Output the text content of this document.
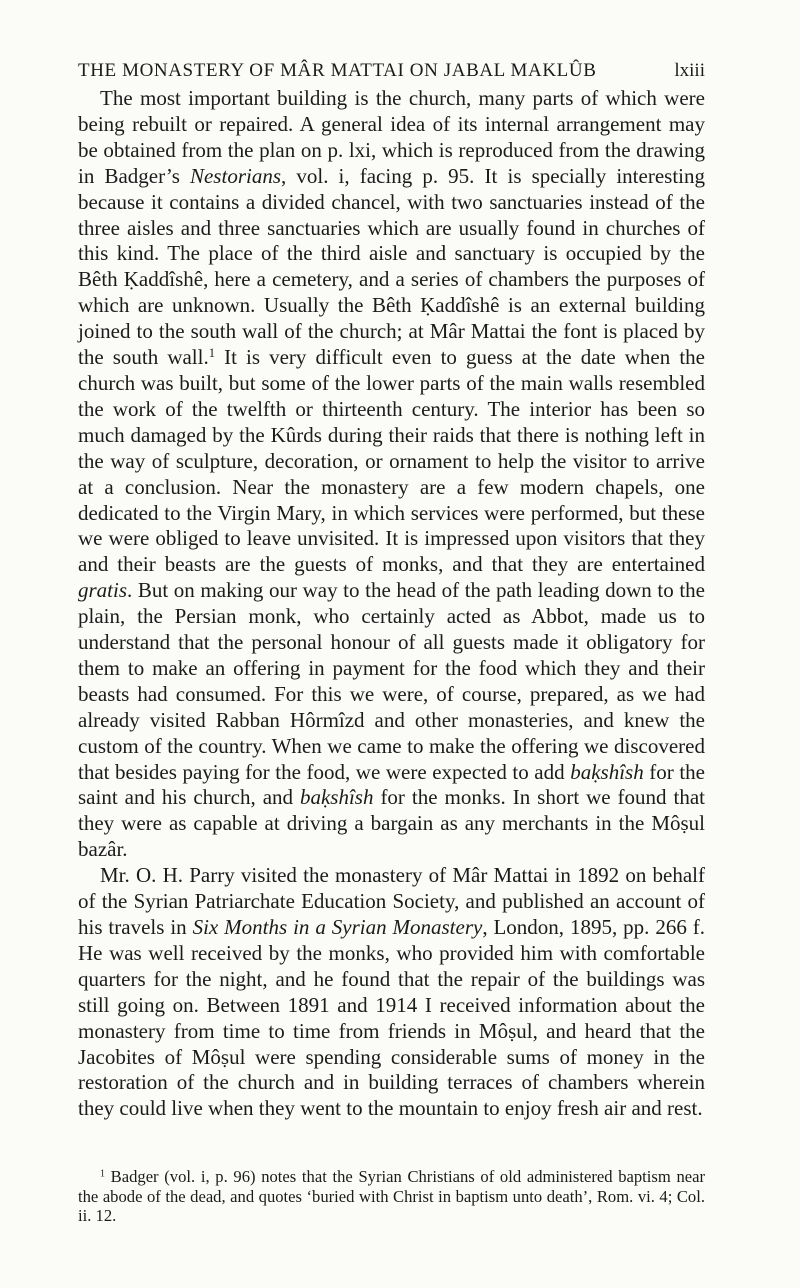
THE MONASTERY OF MÂR MATTAI ON JABAL MAKLÛB	lxiii

The most important building is the church, many parts of which were being rebuilt or repaired. A general idea of its internal arrangement may be obtained from the plan on p. lxi, which is reproduced from the drawing in Badger’s Nestorians, vol. i, facing p. 95. It is specially interesting because it contains a divided chancel, with two sanctuaries instead of the three aisles and three sanctuaries which are usually found in churches of this kind. The place of the third aisle and sanctuary is occupied by the Bêth Ḳaddîshê, here a cemetery, and a series of chambers the purposes of which are unknown. Usually the Bêth Ḳaddîshê is an external building joined to the south wall of the church; at Mâr Mattai the font is placed by the south wall.$^1$ It is very difficult even to guess at the date when the church was built, but some of the lower parts of the main walls resembled the work of the twelfth or thirteenth century. The interior has been so much damaged by the Kûrds during their raids that there is nothing left in the way of sculpture, decoration, or ornament to help the visitor to arrive at a conclusion. Near the monastery are a few modern chapels, one dedicated to the Virgin Mary, in which services were performed, but these we were obliged to leave unvisited. It is impressed upon visitors that they and their beasts are the guests of monks, and that they are entertained gratis. But on making our way to the head of the path leading down to the plain, the Persian monk, who certainly acted as Abbot, made us to understand that the personal honour of all guests made it obligatory for them to make an offering in payment for the food which they and their beasts had consumed. For this we were, of course, prepared, as we had already visited Rabban Hôrmîzd and other monasteries, and knew the custom of the country. When we came to make the offering we discovered that besides paying for the food, we were expected to add baḳshîsh for the saint and his church, and baḳshîsh for the monks. In short we found that they were as capable at driving a bargain as any merchants in the Môṣul bazâr.

Mr. O. H. Parry visited the monastery of Mâr Mattai in 1892 on behalf of the Syrian Patriarchate Education Society, and published an account of his travels in Six Months in a Syrian Monastery, London, 1895, pp. 266 f. He was well received by the monks, who provided him with comfortable quarters for the night, and he found that the repair of the buildings was still going on. Between 1891 and 1914 I received information about the monastery from time to time from friends in Môṣul, and heard that the Jacobites of Môṣul were spending considerable sums of money in the restoration of the church and in building terraces of chambers wherein they could live when they went to the mountain to enjoy fresh air and rest.

$^1$ Badger (vol. i, p. 96) notes that the Syrian Christians of old administered baptism near the abode of the dead, and quotes ‘buried with Christ in baptism unto death’, Rom. vi. 4; Col. ii. 12.
